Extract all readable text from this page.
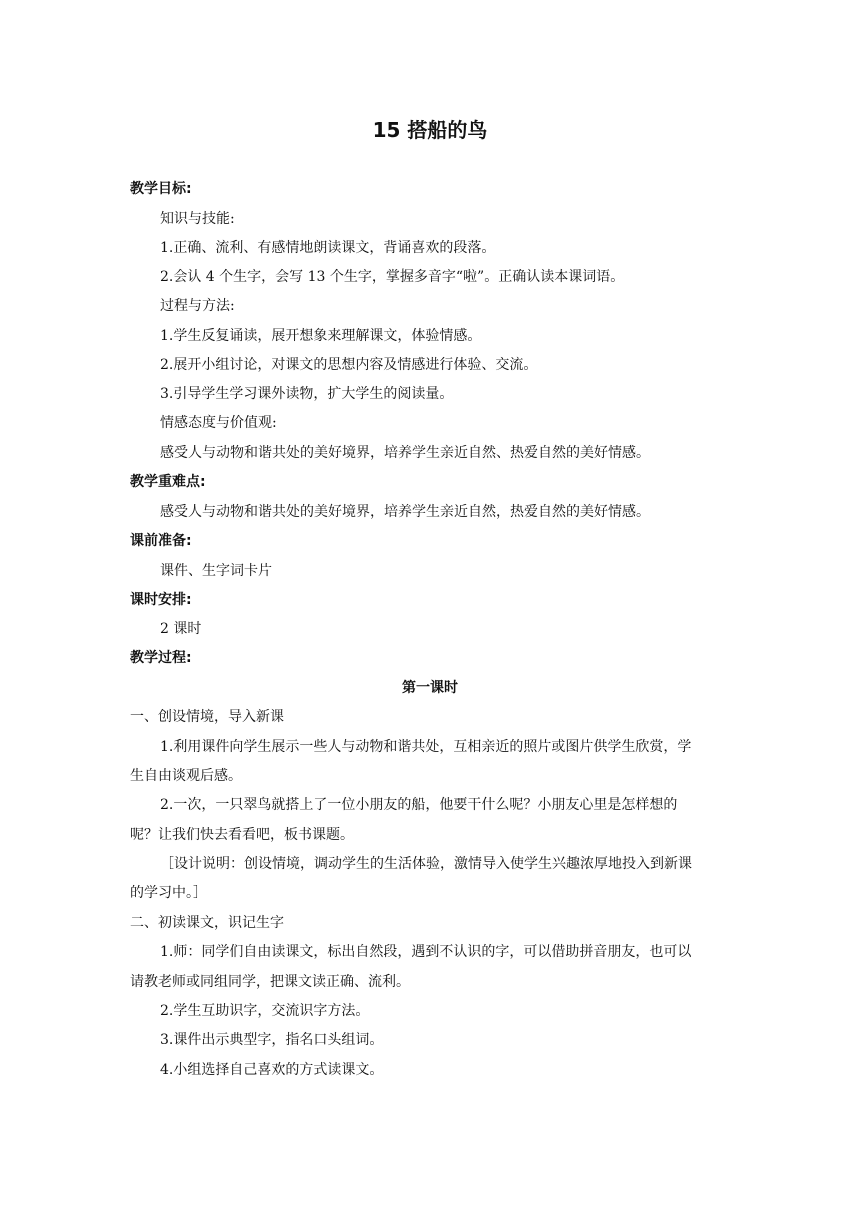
15 搭船的鸟
教学目标:
知识与技能:
1.正确、流利、有感情地朗读课文，背诵喜欢的段落。
2.会认 4 个生字，会写 13 个生字，掌握多音字“啦”。正确认读本课词语。
过程与方法:
1.学生反复诵读，展开想象来理解课文，体验情感。
2.展开小组讨论，对课文的思想内容及情感进行体验、交流。
3.引导学生学习课外读物，扩大学生的阅读量。
情感态度与价值观:
感受人与动物和谐共处的美好境界，培养学生亲近自然、热爱自然的美好情感。
教学重难点:
感受人与动物和谐共处的美好境界，培养学生亲近自然，热爱自然的美好情感。
课前准备:
课件、生字词卡片
课时安排:
2 课时
教学过程:
第一课时
一、创设情境，导入新课
1.利用课件向学生展示一些人与动物和谐共处，互相亲近的照片或图片供学生欣赏，学
生自由谈观后感。
2.一次，一只翠鸟就搭上了一位小朋友的船，他要干什么呢？小朋友心里是怎样想的
呢？让我们快去看看吧，板书课题。
［设计说明：创设情境，调动学生的生活体验，激情导入使学生兴趣浓厚地投入到新课
的学习中。］
二、初读课文，识记生字
1.师：同学们自由读课文，标出自然段，遇到不认识的字，可以借助拼音朋友，也可以
请教老师或同组同学，把课文读正确、流利。
2.学生互助识字，交流识字方法。
3.课件出示典型字，指名口头组词。
4.小组选择自己喜欢的方式读课文。
